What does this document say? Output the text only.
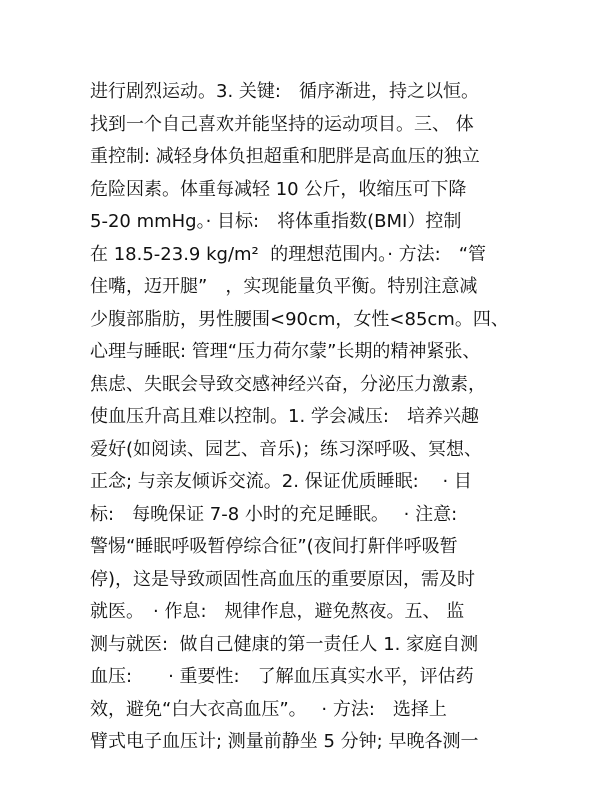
进行剧烈运动。3. 关键:　循序渐进，持之以恒。
找到一个自己喜欢并能坚持的运动项目。三、 体
重控制: 减轻身体负担超重和肥胖是高血压的独立
危险因素。体重每减轻 10 公斤，收缩压可下降
5-20 mmHg。· 目标:　将体重指数(BMI）控制
在 18.5-23.9 kg/m²  的理想范围内。· 方法:　“管
住嘴，迈开腿”　，实现能量负平衡。特别注意减
少腹部脂肪，男性腰围<90cm，女性<85cm。四、
心理与睡眠: 管理“压力荷尔蒙”长期的精神紧张、
焦虑、失眠会导致交感神经兴奋，分泌压力激素，
使血压升高且难以控制。1. 学会减压:　培养兴趣
爱好(如阅读、园艺、音乐)；练习深呼吸、冥想、
正念; 与亲友倾诉交流。2. 保证优质睡眠:　 · 目
标:　每晚保证 7-8 小时的充足睡眠。　 · 注意:
警惕“睡眠呼吸暂停综合征”(夜间打鼾伴呼吸暂
停)，这是导致顽固性高血压的重要原因，需及时
就医。　· 作息:　规律作息，避免熬夜。五、 监
测与就医:  做自己健康的第一责任人 1. 家庭自测
血压:　　· 重要性:　了解血压真实水平，评估药
效，避免“白大衣高血压”。　 · 方法:　选择上
臂式电子血压计; 测量前静坐 5 分钟; 早晚各测一
